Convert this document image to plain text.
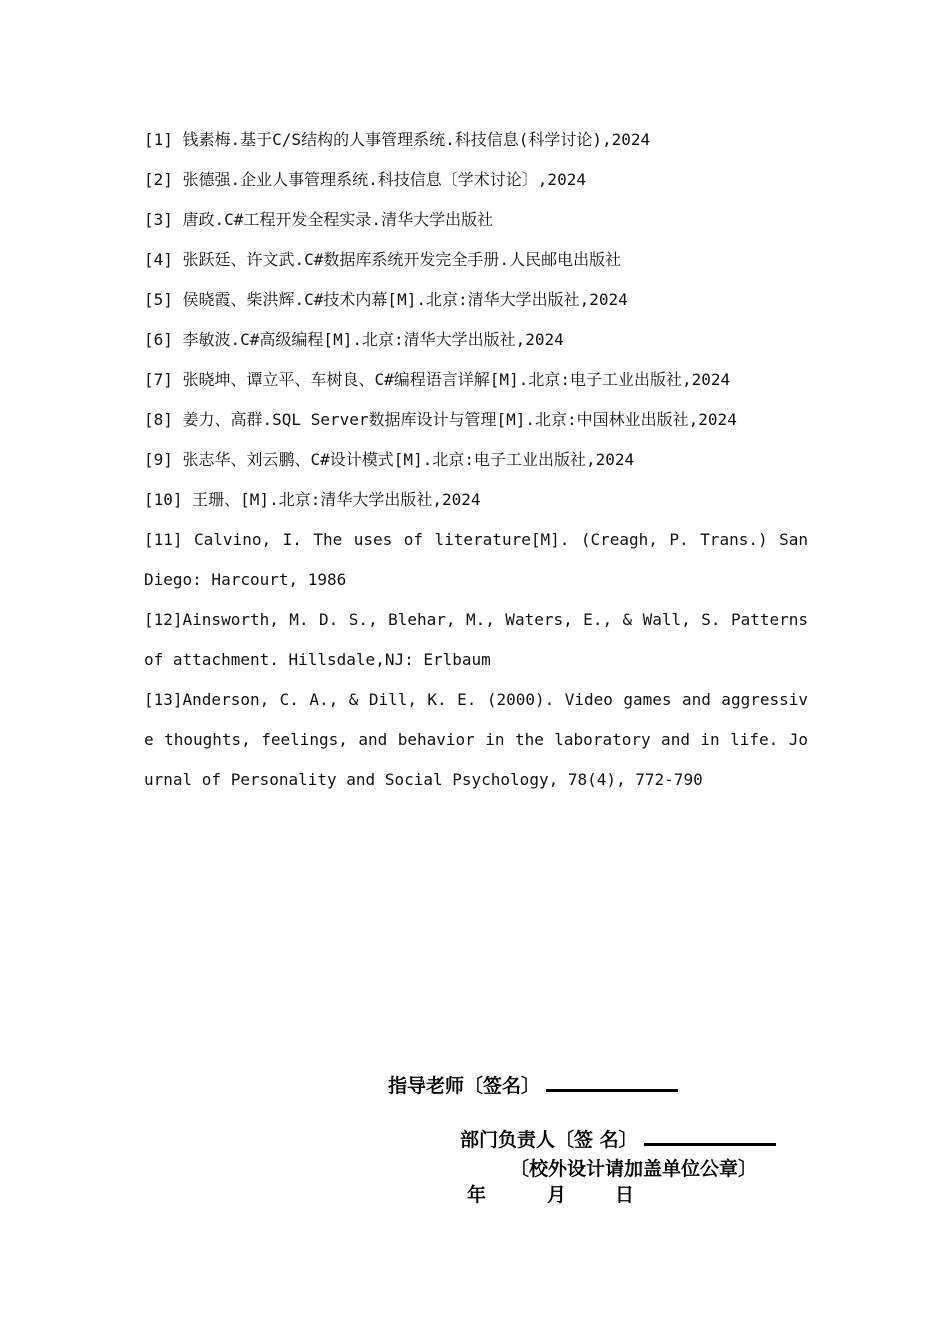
[1] 钱素梅.基于C/S结构的人事管理系统.科技信息(科学讨论),2024

[2] 张德强.企业人事管理系统.科技信息〔学术讨论〕,2024

[3] 唐政.C#工程开发全程实录.清华大学出版社

[4] 张跃廷、许文武.C#数据库系统开发完全手册.人民邮电出版社

[5] 侯晓霞、柴洪辉.C#技术内幕[M].北京:清华大学出版社,2024

[6] 李敏波.C#高级编程[M].北京:清华大学出版社,2024

[7] 张晓坤、谭立平、车树良、C#编程语言详解[M].北京:电子工业出版社,2024

[8] 姜力、高群.SQL Server数据库设计与管理[M].北京:中国林业出版社,2024

[9] 张志华、刘云鹏、C#设计模式[M].北京:电子工业出版社,2024

[10] 王珊、[M].北京:清华大学出版社,2024

[11] Calvino, I. The uses of literature[M]. (Creagh, P. Trans.) San Diego: Harcourt, 1986

[12]Ainsworth, M. D. S., Blehar, M., Waters, E., & Wall, S. Patterns of attachment. Hillsdale,NJ: Erlbaum

[13]Anderson, C. A., & Dill, K. E. (2000). Video games and aggressive thoughts, feelings, and behavior in the laboratory and in life. Journal of Personality and Social Psychology, 78(4), 772-790

指导老师〔签名〕
部门负责人〔签 名〕
〔校外设计请加盖单位公章〕
年	月	日
